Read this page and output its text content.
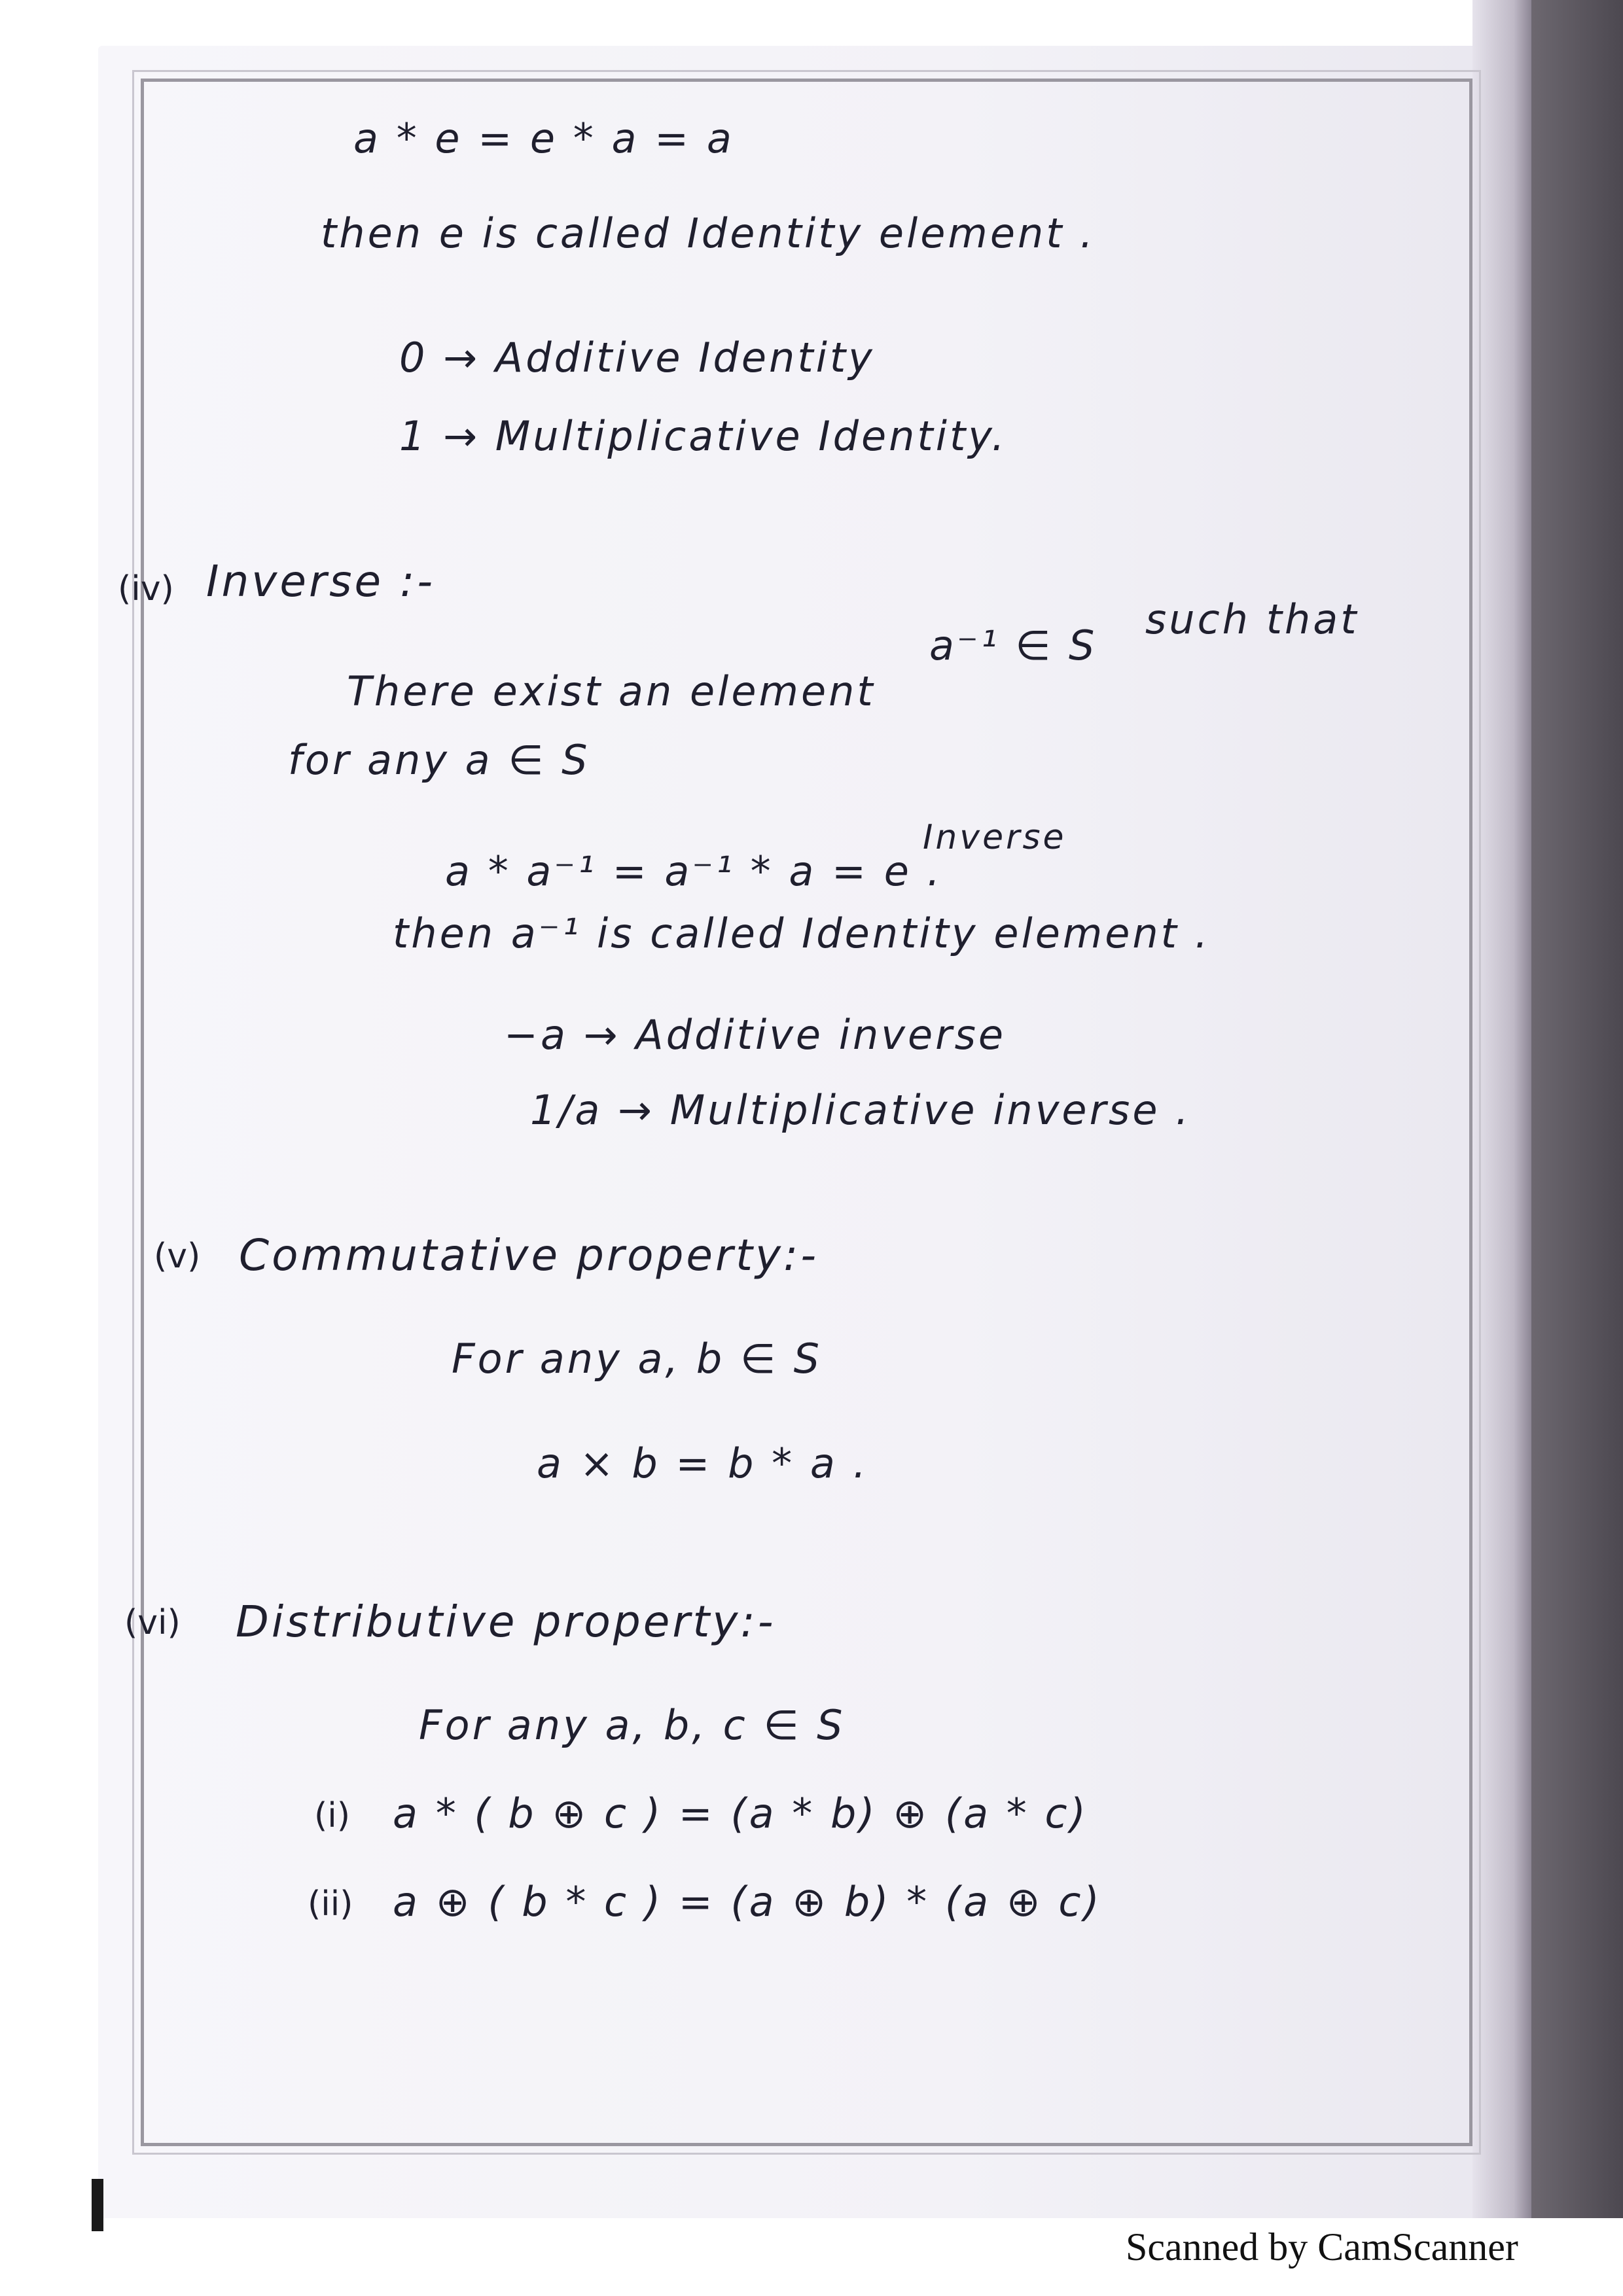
a * e = e * a = a
then e is called Identity element .
0 → Additive Identity
1 → Multiplicative Identity.
(iv) Inverse :-
There exist an element
a⁻¹ ∈ S
such that
for any a ∈ S
Inverse
a * a⁻¹ = a⁻¹ * a = e .
then a⁻¹ is called Identity element .
−a → Additive inverse
1/a → Multiplicative inverse .
(v) Commutative property:-
For any a, b ∈ S
a × b = b * a .
(vi) Distributive property:-
For any a, b, c ∈ S
(i) a * ( b ⊕ c ) = (a * b) ⊕ (a * c)
(ii) a ⊕ ( b * c ) = (a ⊕ b) * (a ⊕ c)
Scanned by CamScanner
